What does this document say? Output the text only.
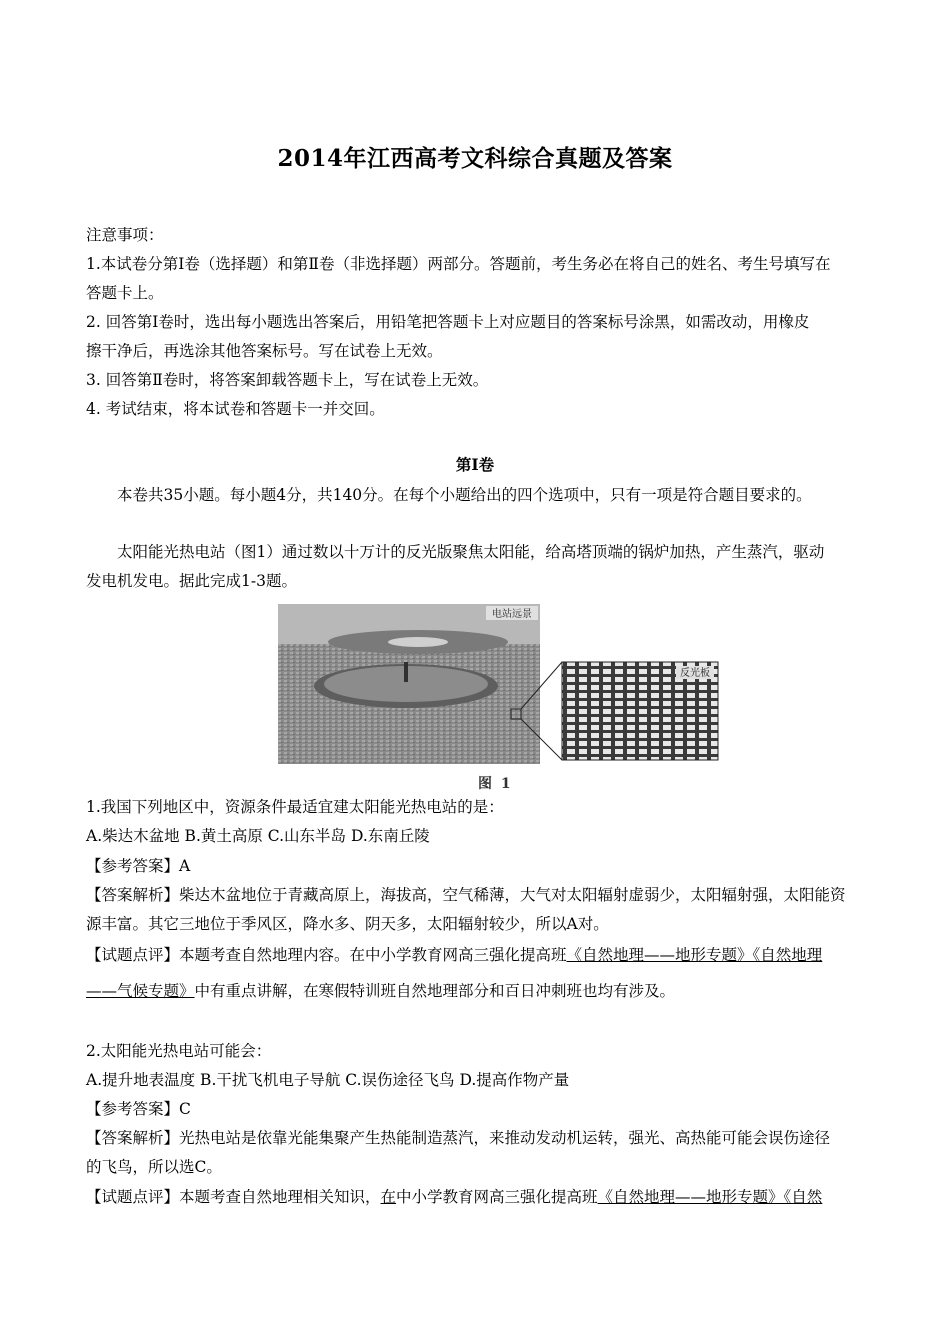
2014年江西高考文科综合真题及答案
注意事项：
1.本试卷分第Ⅰ卷（选择题）和第Ⅱ卷（非选择题）两部分。答题前，考生务必在将自己的姓名、考生号填写在
答题卡上。
2. 回答第Ⅰ卷时，选出每小题选出答案后，用铅笔把答题卡上对应题目的答案标号涂黑，如需改动，用橡皮
擦干净后，再选涂其他答案标号。写在试卷上无效。
3. 回答第Ⅱ卷时，将答案卸载答题卡上，写在试卷上无效。
4. 考试结束，将本试卷和答题卡一并交回。
第Ⅰ卷
本卷共35小题。每小题4分，共140分。在每个小题给出的四个选项中，只有一项是符合题目要求的。
太阳能光热电站（图1）通过数以十万计的反光版聚焦太阳能，给高塔顶端的锅炉加热，产生蒸汽，驱动
发电机发电。据此完成1-3题。
电站远景
反光板
图 1
1.我国下列地区中，资源条件最适宜建太阳能光热电站的是：
A.柴达木盆地 B.黄土高原 C.山东半岛 D.东南丘陵
【参考答案】A
【答案解析】柴达木盆地位于青藏高原上，海拔高，空气稀薄，大气对太阳辐射虚弱少，太阳辐射强，太阳能资
源丰富。其它三地位于季风区，降水多、阴天多，太阳辐射较少，所以A对。
【试题点评】本题考查自然地理内容。在中小学教育网高三强化提高班《自然地理——地形专题》《自然地理
——气候专题》中有重点讲解，在寒假特训班自然地理部分和百日冲刺班也均有涉及。
2.太阳能光热电站可能会：
A.提升地表温度 B.干扰飞机电子导航 C.误伤途径飞鸟 D.提高作物产量
【参考答案】C
【答案解析】光热电站是依靠光能集聚产生热能制造蒸汽，来推动发动机运转，强光、高热能可能会误伤途径
的飞鸟，所以选C。
【试题点评】本题考查自然地理相关知识，在中小学教育网高三强化提高班《自然地理——地形专题》《自然
